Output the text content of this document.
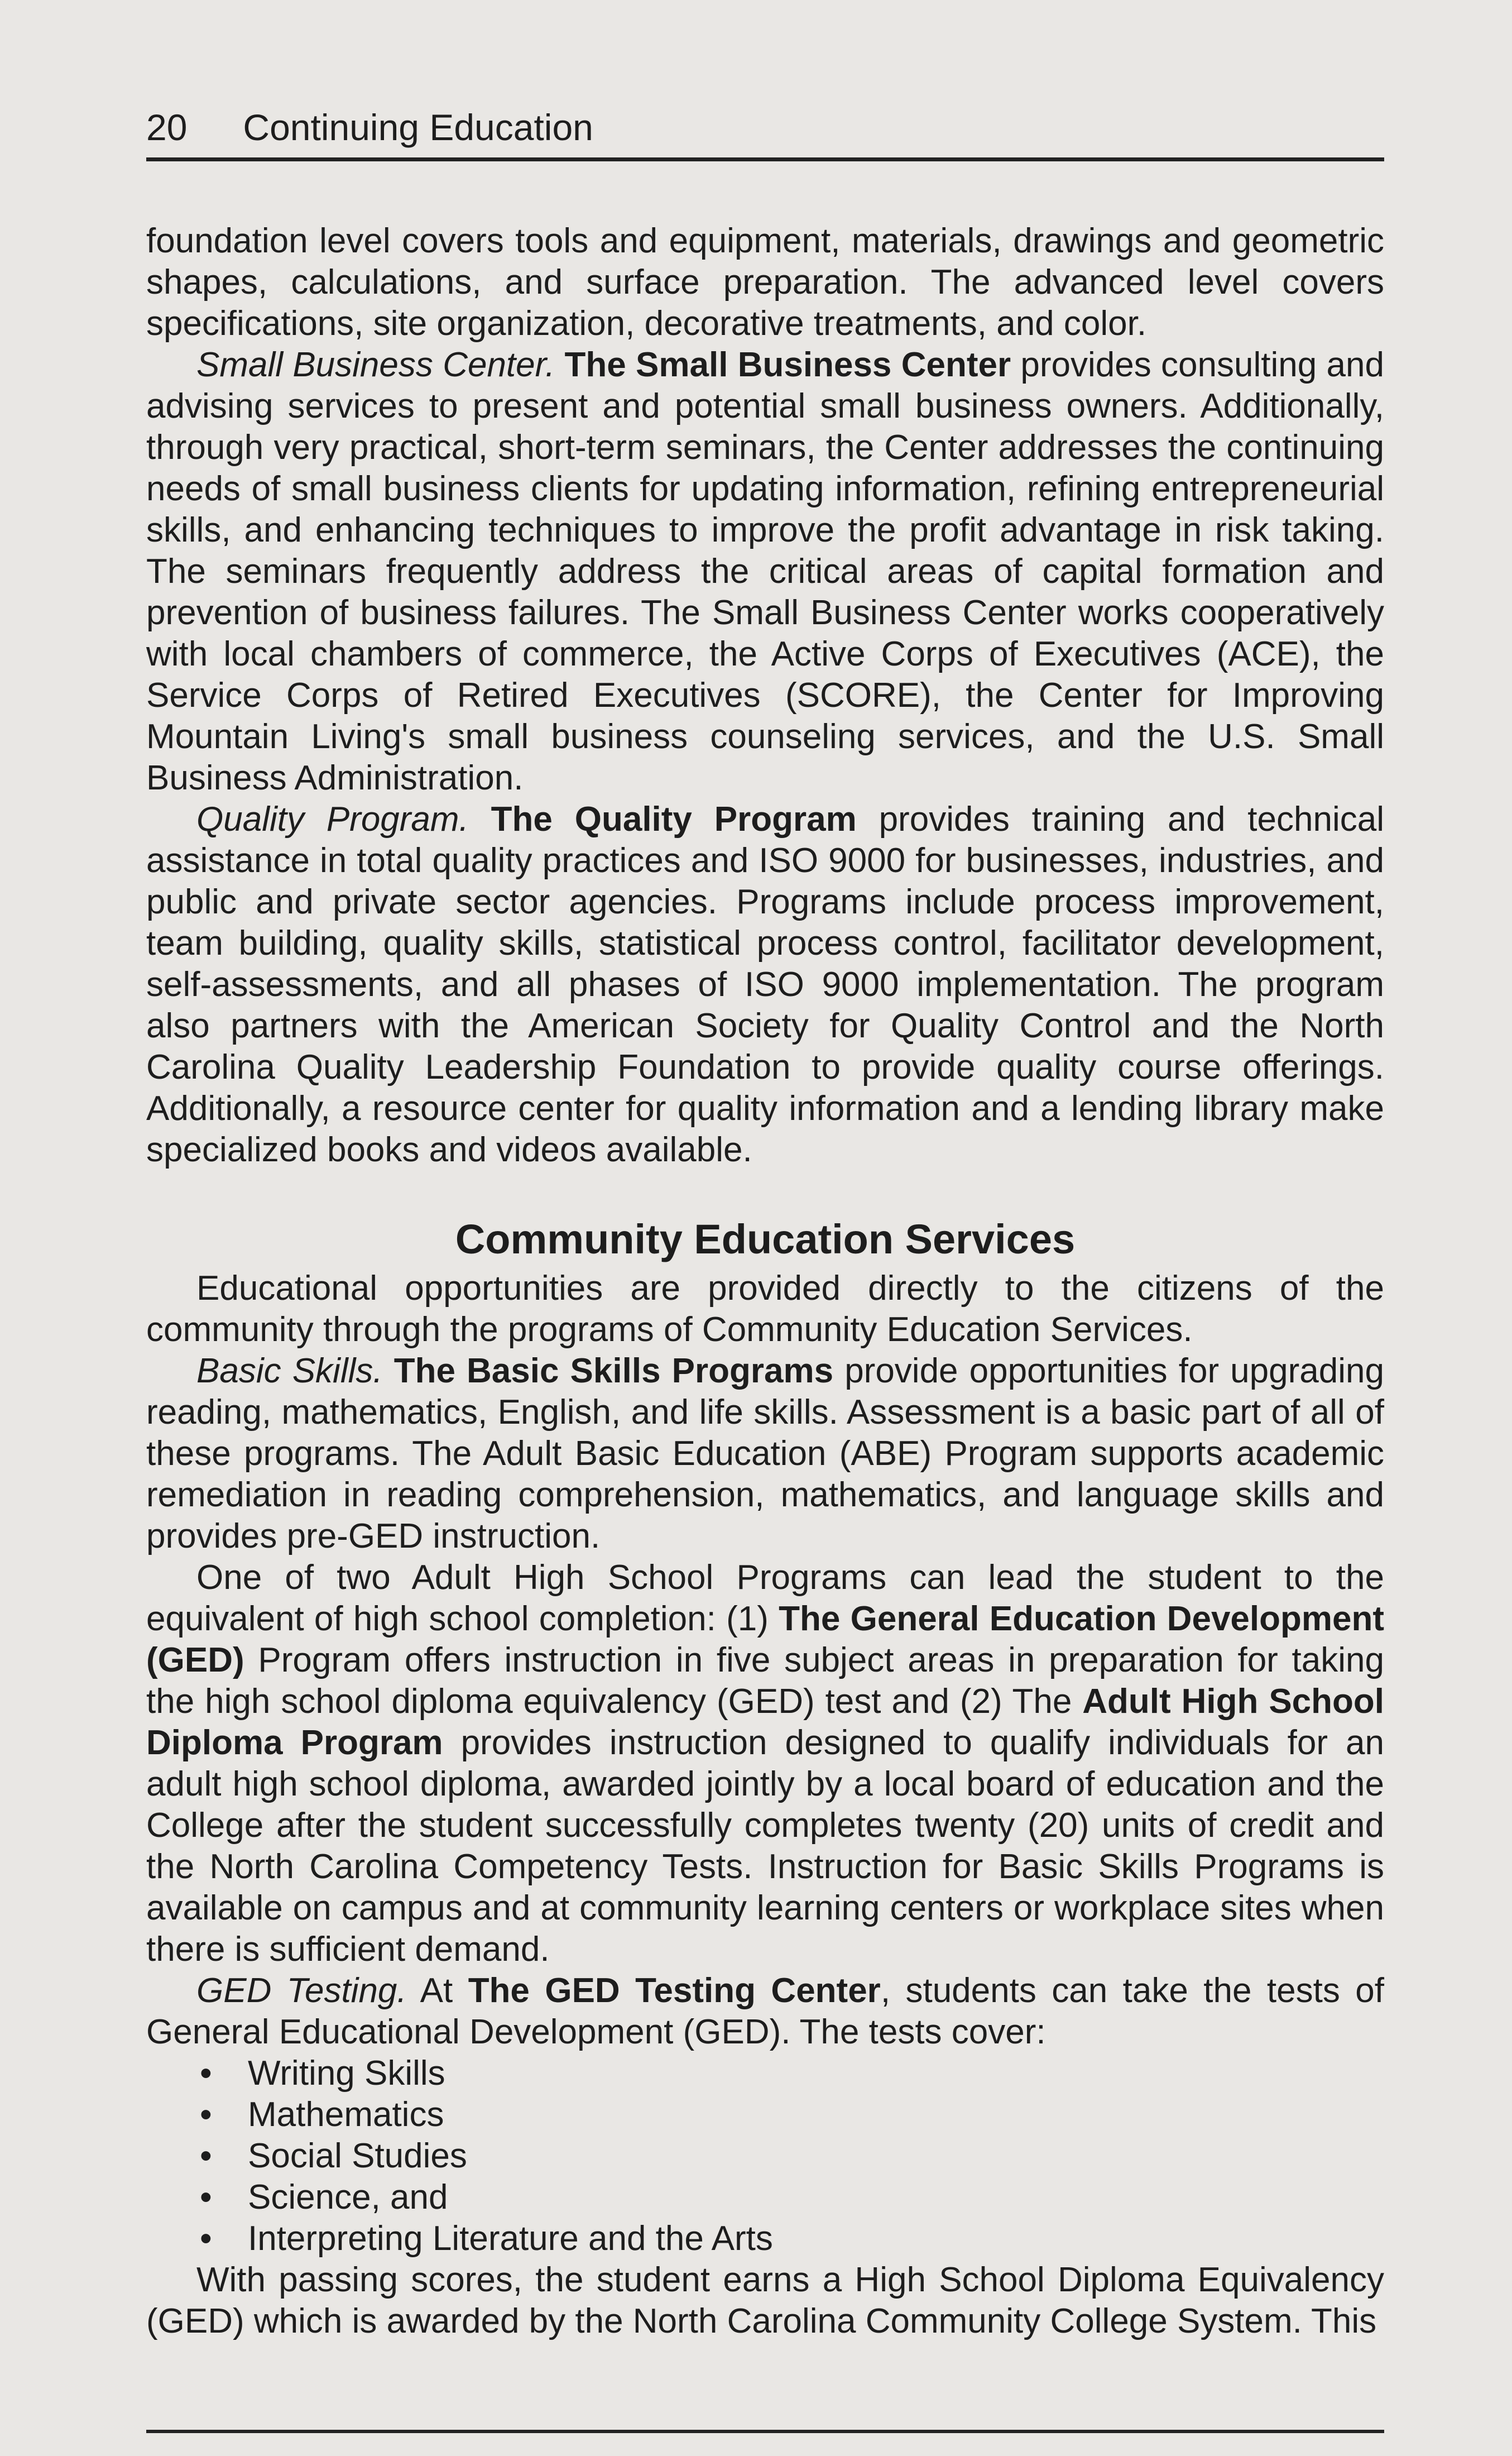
20 Continuing Education

foundation level covers tools and equipment, materials, drawings and geometric shapes, calculations, and surface preparation. The advanced level covers specifications, site organization, decorative treatments, and color.

Small Business Center. The Small Business Center provides consulting and advising services to present and potential small business owners. Additionally, through very practical, short-term seminars, the Center addresses the continuing needs of small business clients for updating information, refining entrepreneurial skills, and enhancing techniques to improve the profit advantage in risk taking. The seminars frequently address the critical areas of capital formation and prevention of business failures. The Small Business Center works cooperatively with local chambers of commerce, the Active Corps of Executives (ACE), the Service Corps of Retired Executives (SCORE), the Center for Improving Mountain Living's small business counseling services, and the U.S. Small Business Administration.

Quality Program. The Quality Program provides training and technical assistance in total quality practices and ISO 9000 for businesses, industries, and public and private sector agencies. Programs include process improvement, team building, quality skills, statistical process control, facilitator development, self-assessments, and all phases of ISO 9000 implementation. The program also partners with the American Society for Quality Control and the North Carolina Quality Leadership Foundation to provide quality course offerings. Additionally, a resource center for quality information and a lending library make specialized books and videos available.

Community Education Services

Educational opportunities are provided directly to the citizens of the community through the programs of Community Education Services.

Basic Skills. The Basic Skills Programs provide opportunities for upgrading reading, mathematics, English, and life skills. Assessment is a basic part of all of these programs. The Adult Basic Education (ABE) Program supports academic remediation in reading comprehension, mathematics, and language skills and provides pre-GED instruction.

One of two Adult High School Programs can lead the student to the equivalent of high school completion: (1) The General Education Development (GED) Program offers instruction in five subject areas in preparation for taking the high school diploma equivalency (GED) test and (2) The Adult High School Diploma Program provides instruction designed to qualify individuals for an adult high school diploma, awarded jointly by a local board of education and the College after the student successfully completes twenty (20) units of credit and the North Carolina Competency Tests. Instruction for Basic Skills Programs is available on campus and at community learning centers or workplace sites when there is sufficient demand.

GED Testing. At The GED Testing Center, students can take the tests of General Educational Development (GED). The tests cover:

•	Writing Skills
•	Mathematics
•	Social Studies
•	Science, and
•	Interpreting Literature and the Arts

With passing scores, the student earns a High School Diploma Equivalency (GED) which is awarded by the North Carolina Community College System. This
